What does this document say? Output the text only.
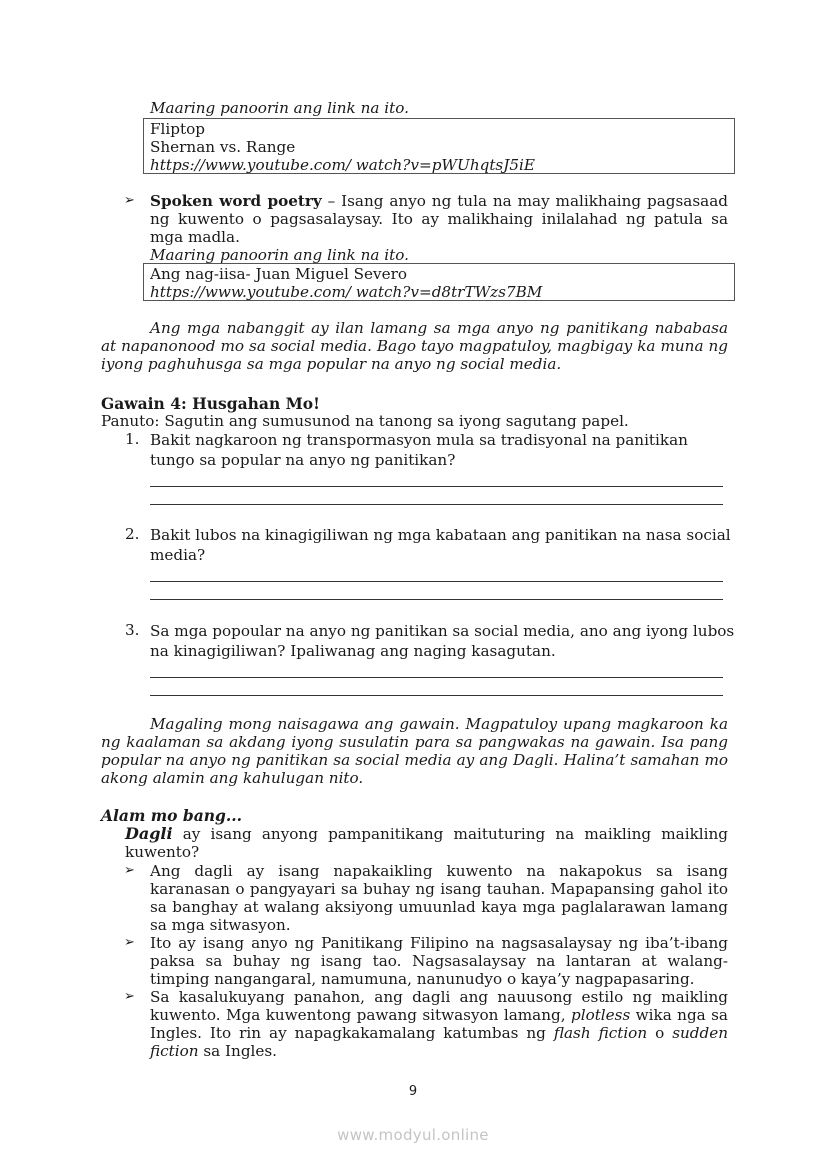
Maaring panoorin ang link na ito.
Fliptop
Shernan vs. Range
https://www.youtube.com/ watch?v=pWUhqtsJ5iE
➢ Spoken word poetry – Isang anyo ng tula na may malikhaing pagsasaad ng kuwento o pagsasalaysay. Ito ay malikhaing inilalahad ng patula sa mga madla.
Maaring panoorin ang link na ito.
Ang nag-iisa- Juan Miguel Severo
https://www.youtube.com/ watch?v=d8trTWzs7BM
Ang mga nabanggit ay ilan lamang sa mga anyo ng panitikang nababasa at napanonood mo sa social media. Bago tayo magpatuloy, magbigay ka muna ng iyong paghuhusga sa mga popular na anyo ng social media.
Gawain 4: Husgahan Mo!
Panuto: Sagutin ang sumusunod na tanong sa iyong sagutang papel.
1. Bakit nagkaroon ng transpormasyon mula sa tradisyonal na panitikan tungo sa popular na anyo ng panitikan?
2. Bakit lubos na kinagigiliwan ng mga kabataan ang panitikan na nasa social media?
3. Sa mga popoular na anyo ng panitikan sa social media, ano ang iyong lubos na kinagigiliwan? Ipaliwanag ang naging kasagutan.
Magaling mong naisagawa ang gawain. Magpatuloy upang magkaroon ka ng kaalaman sa akdang iyong susulatin para sa pangwakas na gawain. Isa pang popular na anyo ng panitikan sa social media ay ang Dagli. Halina’t samahan mo akong alamin ang kahulugan nito.
Alam mo bang...
Dagli ay isang anyong pampanitikang maituturing na maikling maikling kuwento?
➢ Ang dagli ay isang napakaikling kuwento na nakapokus sa isang karanasan o pangyayari sa buhay ng isang tauhan. Mapapansing gahol ito sa banghay at walang aksiyong umuunlad kaya mga paglalarawan lamang sa mga sitwasyon.
➢ Ito ay isang anyo ng Panitikang Filipino na nagsasalaysay ng iba’t-ibang paksa sa buhay ng isang tao. Nagsasalaysay na lantaran at walang-timping nangangaral, namumuna, nanunudyo o kaya’y nagpapasaring.
➢ Sa kasalukuyang panahon, ang dagli ang nauusong estilo ng maikling kuwento. Mga kuwentong pawang sitwasyon lamang, plotless wika nga sa Ingles. Ito rin ay napagkakamalang katumbas ng flash fiction o sudden fiction sa Ingles.
9
www.modyul.online
